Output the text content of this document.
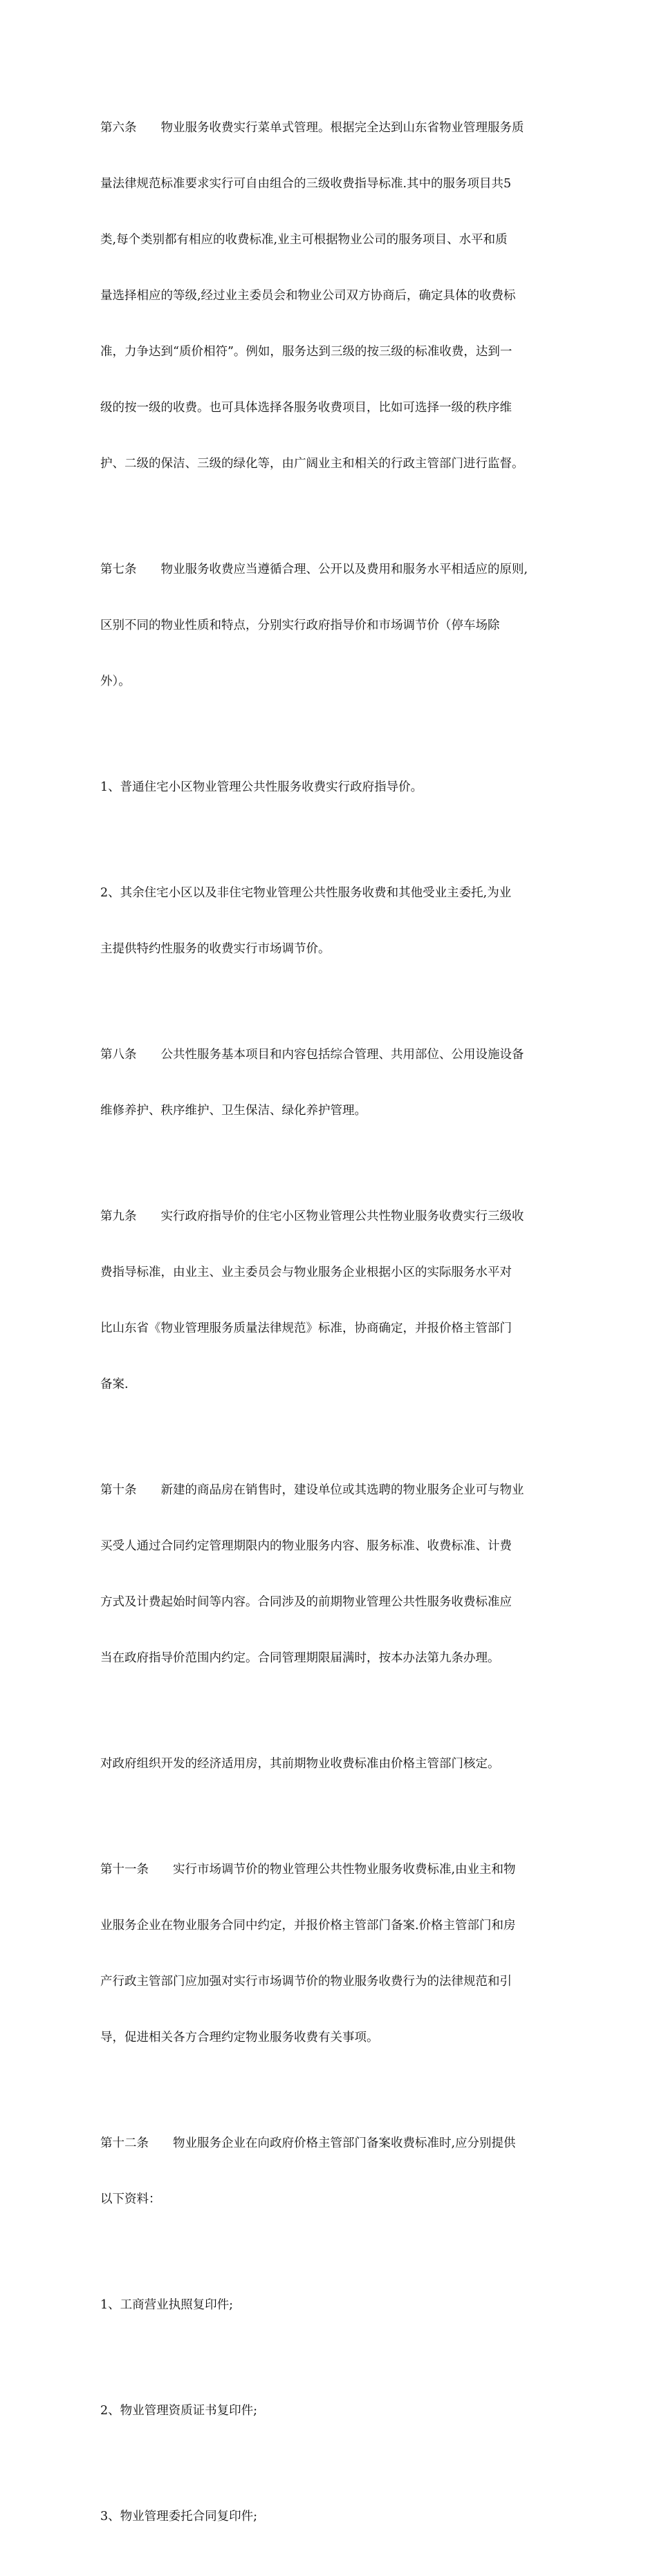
第六条　　物业服务收费实行菜单式管理。根据完全达到山东省物业管理服务质

量法律规范标准要求实行可自由组合的三级收费指导标准.其中的服务项目共5

类,每个类别都有相应的收费标准,业主可根据物业公司的服务项目、水平和质

量选择相应的等级,经过业主委员会和物业公司双方协商后，确定具体的收费标

准，力争达到“质价相符”。例如，服务达到三级的按三级的标准收费，达到一

级的按一级的收费。也可具体选择各服务收费项目，比如可选择一级的秩序维

护、二级的保洁、三级的绿化等，由广阔业主和相关的行政主管部门进行监督。

第七条　　物业服务收费应当遵循合理、公开以及费用和服务水平相适应的原则,

区别不同的物业性质和特点，分别实行政府指导价和市场调节价（停车场除

外）。

1、普通住宅小区物业管理公共性服务收费实行政府指导价。

2、其余住宅小区以及非住宅物业管理公共性服务收费和其他受业主委托,为业

主提供特约性服务的收费实行市场调节价。

第八条　　公共性服务基本项目和内容包括综合管理、共用部位、公用设施设备

维修养护、秩序维护、卫生保洁、绿化养护管理。

第九条　　实行政府指导价的住宅小区物业管理公共性物业服务收费实行三级收

费指导标准，由业主、业主委员会与物业服务企业根据小区的实际服务水平对

比山东省《物业管理服务质量法律规范》标准，协商确定，并报价格主管部门

备案.

第十条　　新建的商品房在销售时，建设单位或其选聘的物业服务企业可与物业

买受人通过合同约定管理期限内的物业服务内容、服务标准、收费标准、计费

方式及计费起始时间等内容。合同涉及的前期物业管理公共性服务收费标准应

当在政府指导价范围内约定。合同管理期限届满时，按本办法第九条办理。

对政府组织开发的经济适用房，其前期物业收费标准由价格主管部门核定。

第十一条　　实行市场调节价的物业管理公共性物业服务收费标准,由业主和物

业服务企业在物业服务合同中约定，并报价格主管部门备案.价格主管部门和房

产行政主管部门应加强对实行市场调节价的物业服务收费行为的法律规范和引

导，促进相关各方合理约定物业服务收费有关事项。

第十二条　　物业服务企业在向政府价格主管部门备案收费标准时,应分别提供

以下资料：

1、工商营业执照复印件;

2、物业管理资质证书复印件;

3、物业管理委托合同复印件;
